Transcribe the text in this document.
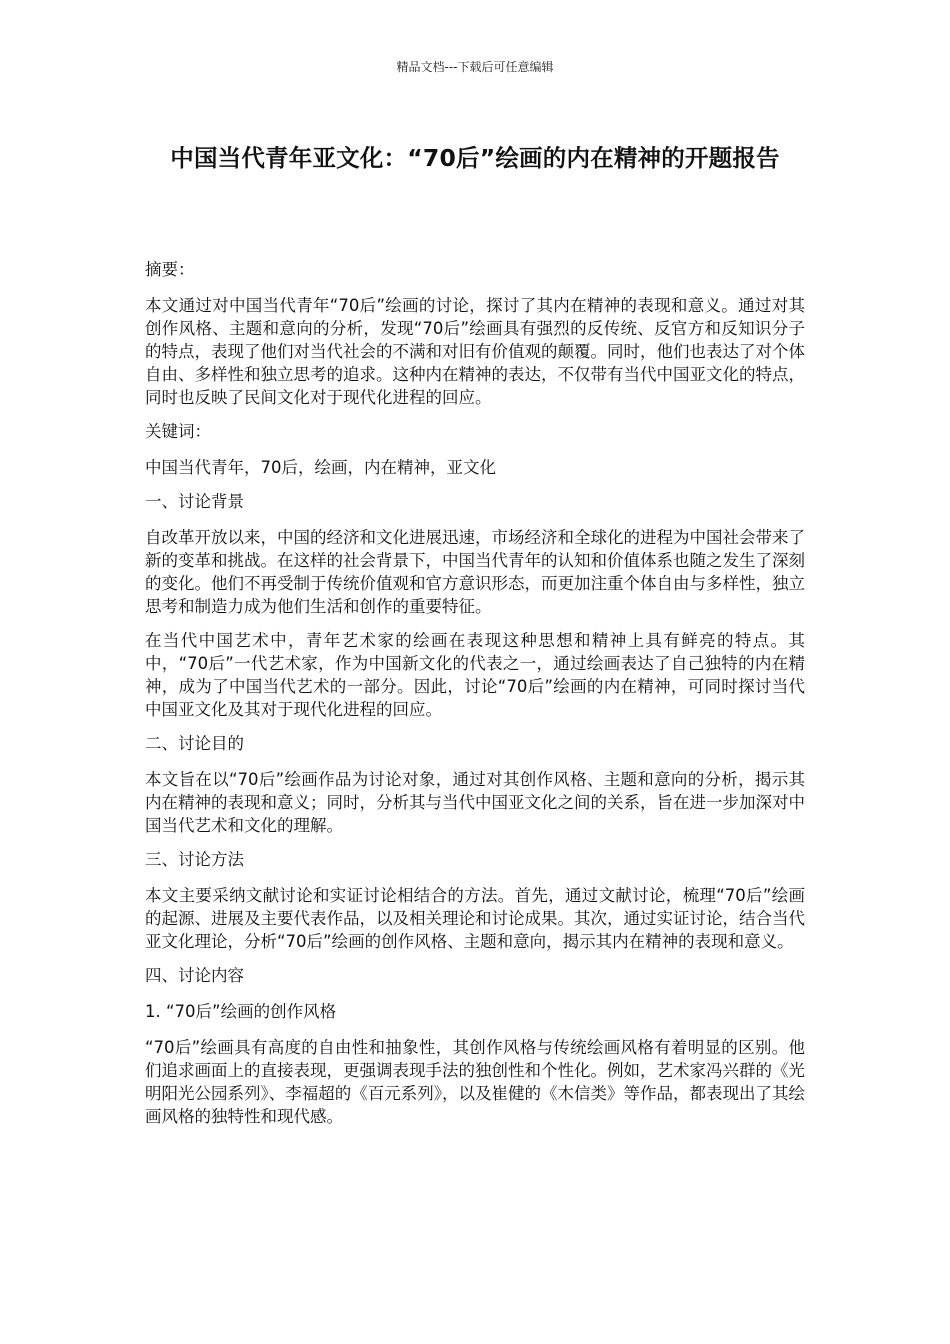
精品文档---下载后可任意编辑
中国当代青年亚文化：“70后”绘画的内在精神的开题报告

摘要：

本文通过对中国当代青年“70后”绘画的讨论，探讨了其内在精神的表现和意义。通过对其创作风格、主题和意向的分析，发现“70后”绘画具有强烈的反传统、反官方和反知识分子的特点，表现了他们对当代社会的不满和对旧有价值观的颠覆。同时，他们也表达了对个体自由、多样性和独立思考的追求。这种内在精神的表达，不仅带有当代中国亚文化的特点，同时也反映了民间文化对于现代化进程的回应。

关键词：

中国当代青年，70后，绘画，内在精神，亚文化

一、讨论背景

自改革开放以来，中国的经济和文化进展迅速，市场经济和全球化的进程为中国社会带来了新的变革和挑战。在这样的社会背景下，中国当代青年的认知和价值体系也随之发生了深刻的变化。他们不再受制于传统价值观和官方意识形态，而更加注重个体自由与多样性，独立思考和制造力成为他们生活和创作的重要特征。

在当代中国艺术中，青年艺术家的绘画在表现这种思想和精神上具有鲜亮的特点。其中，“70后”一代艺术家，作为中国新文化的代表之一，通过绘画表达了自己独特的内在精神，成为了中国当代艺术的一部分。因此，讨论“70后”绘画的内在精神，可同时探讨当代中国亚文化及其对于现代化进程的回应。

二、讨论目的

本文旨在以“70后”绘画作品为讨论对象，通过对其创作风格、主题和意向的分析，揭示其内在精神的表现和意义；同时，分析其与当代中国亚文化之间的关系，旨在进一步加深对中国当代艺术和文化的理解。

三、讨论方法

本文主要采纳文献讨论和实证讨论相结合的方法。首先，通过文献讨论，梳理“70后”绘画的起源、进展及主要代表作品，以及相关理论和讨论成果。其次，通过实证讨论，结合当代亚文化理论，分析“70后”绘画的创作风格、主题和意向，揭示其内在精神的表现和意义。

四、讨论内容

1. “70后”绘画的创作风格

“70后”绘画具有高度的自由性和抽象性，其创作风格与传统绘画风格有着明显的区别。他们追求画面上的直接表现，更强调表现手法的独创性和个性化。例如，艺术家冯兴群的《光明阳光公园系列》、李福超的《百元系列》，以及崔健的《木信类》等作品，都表现出了其绘画风格的独特性和现代感。
